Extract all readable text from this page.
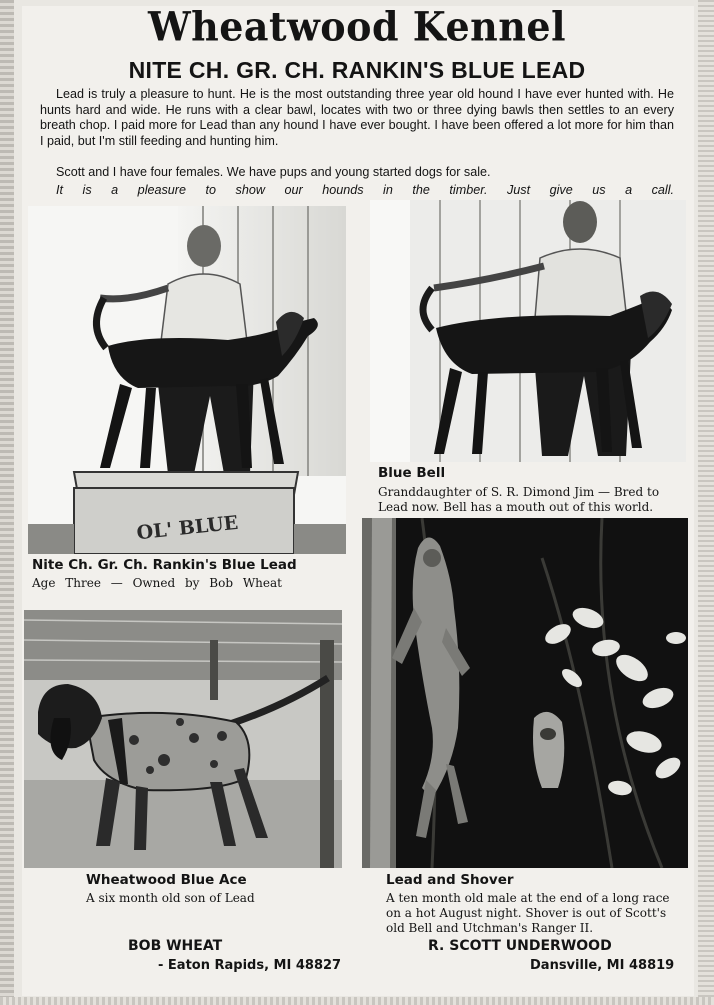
Wheatwood Kennel
NITE CH. GR. CH. RANKIN'S BLUE LEAD

Lead is truly a pleasure to hunt. He is the most outstanding three year old hound I have ever hunted with. He hunts hard and wide. He runs with a clear bawl, locates with two or three dying bawls then settles to an every breath chop. I paid more for Lead than any hound I have ever bought. I have been offered a lot more for him than I paid, but I'm still feeding and hunting him.

Scott and I have four females. We have pups and young started dogs for sale.

It is a pleasure to show our hounds in the timber. Just give us a call.

OL' BLUE
Nite Ch. Gr. Ch. Rankin's Blue Lead
Age Three — Owned by Bob Wheat
Blue Bell
Granddaughter of S. R. Dimond Jim — Bred to Lead now. Bell has a mouth out of this world.
Wheatwood Blue Ace
A six month old son of Lead
Lead and Shover
A ten month old male at the end of a long race on a hot August night. Shover is out of Scott's old Bell and Utchman's Ranger II.
BOB WHEAT
- Eaton Rapids, MI 48827
R. SCOTT UNDERWOOD
Dansville, MI 48819
